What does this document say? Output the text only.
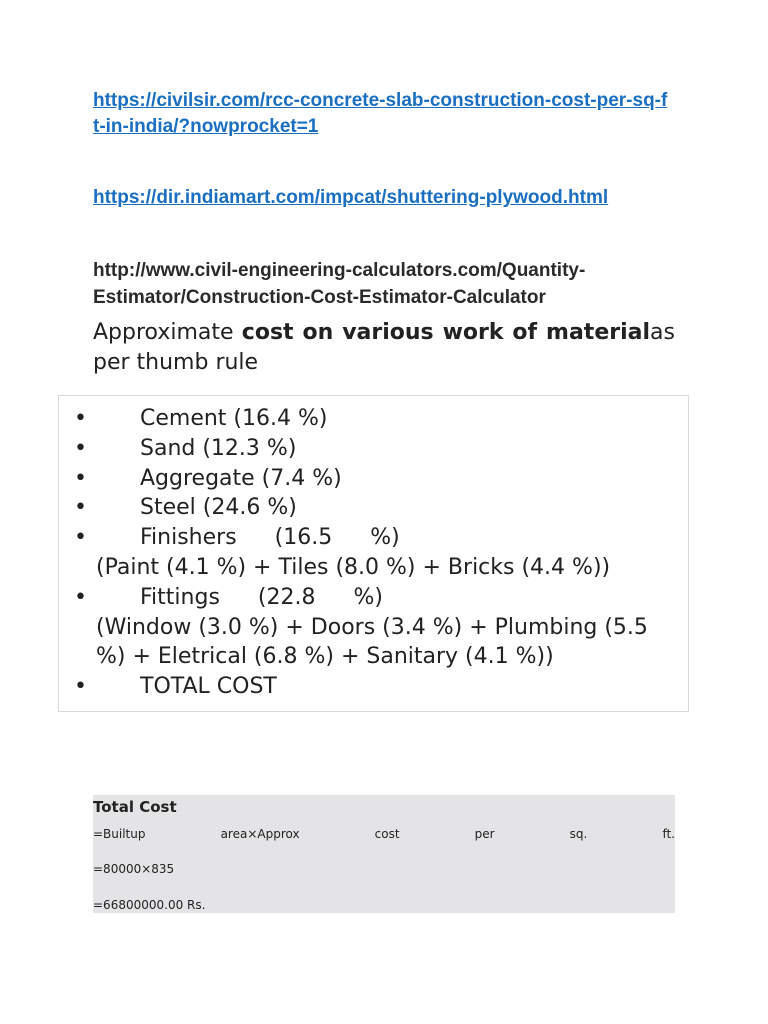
https://civilsir.com/rcc-concrete-slab-construction-cost-per-sq-ft-in-india/?nowprocket=1
https://dir.indiamart.com/impcat/shuttering-plywood.html

http://www.civil-engineering-calculators.com/Quantity-Estimator/Construction-Cost-Estimator-Calculator

Approximate cost on various work of materialas per thumb rule

• Cement (16.4 %)
• Sand (12.3 %)
• Aggregate (7.4 %)
• Steel (24.6 %)
• Finishers (16.5 %)
(Paint (4.1 %) + Tiles (8.0 %) + Bricks (4.4 %))
• Fittings (22.8 %)
(Window (3.0 %) + Doors (3.4 %) + Plumbing (5.5 %) + Eletrical (6.8 %) + Sanitary (4.1 %))
• TOTAL COST
Total Cost
=Builtup	area×Approx	cost	per	sq.	ft.
=80000×835
=66800000.00 Rs.
